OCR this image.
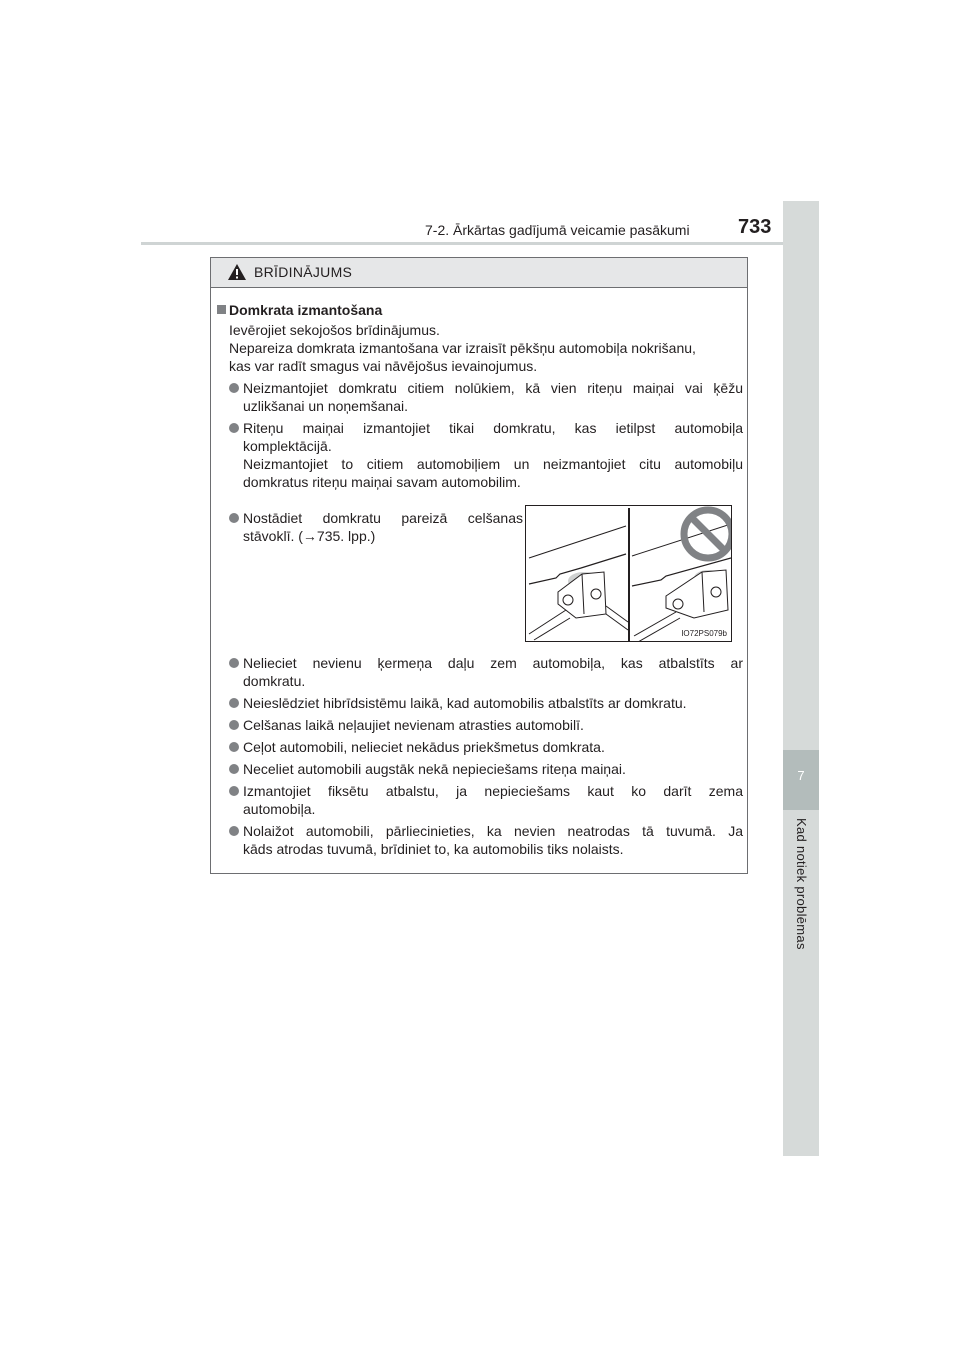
7-2. Ārkārtas gadījumā veicamie pasākumi 733
7
Kad notiek problēmas
BRĪDINĀJUMS
Domkrata izmantošana

Ievērojiet sekojošos brīdinājumus.

Nepareiza domkrata izmantošana var izraisīt pēkšņu automobiļa nokrišanu,

kas var radīt smagus vai nāvējošus ievainojumus.

Neizmantojiet domkratu citiem nolūkiem, kā vien riteņu maiņai vai ķēžu

uzlikšanai un noņemšanai.

Riteņu maiņai izmantojiet tikai domkratu, kas ietilpst automobiļa

komplektācijā.

Neizmantojiet to citiem automobiļiem un neizmantojiet citu automobiļu

domkratus riteņu maiņai savam automobilim.

Nostādiet domkratu pareizā celšanas

stāvoklī. (→735. lpp.)

IO72PS079b

Nelieciet nevienu ķermeņa daļu zem automobiļa, kas atbalstīts ar

domkratu.

Neieslēdziet hibrīdsistēmu laikā, kad automobilis atbalstīts ar domkratu.

Celšanas laikā neļaujiet nevienam atrasties automobilī.

Ceļot automobili, nelieciet nekādus priekšmetus domkrata.

Neceliet automobili augstāk nekā nepieciešams riteņa maiņai.

Izmantojiet fiksētu atbalstu, ja nepieciešams kaut ko darīt zema

automobiļa.

Nolaižot automobili, pārliecinieties, ka nevien neatrodas tā tuvumā. Ja

kāds atrodas tuvumā, brīdiniet to, ka automobilis tiks nolaists.
